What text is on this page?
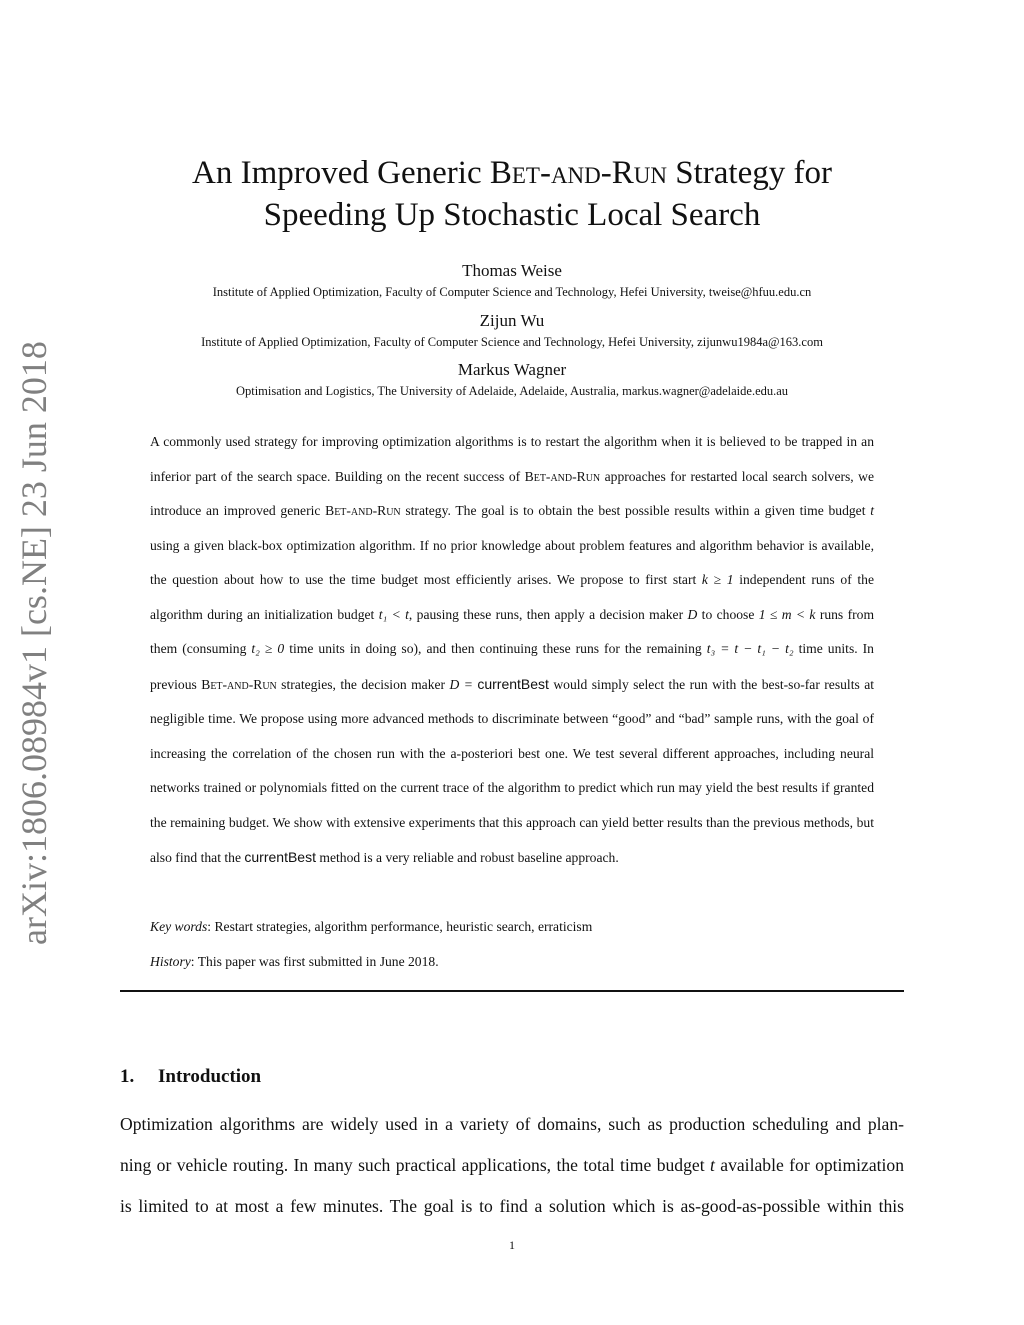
arXiv:1806.08984v1 [cs.NE] 23 Jun 2018
An Improved Generic Bet-and-Run Strategy for
Speeding Up Stochastic Local Search
Thomas Weise
Institute of Applied Optimization, Faculty of Computer Science and Technology, Hefei University, tweise@hfuu.edu.cn
Zijun Wu
Institute of Applied Optimization, Faculty of Computer Science and Technology, Hefei University, zijunwu1984a@163.com
Markus Wagner
Optimisation and Logistics, The University of Adelaide, Adelaide, Australia, markus.wagner@adelaide.edu.au
A commonly used strategy for improving optimization algorithms is to restart the algorithm when it is believed to be trapped in an inferior part of the search space. Building on the recent success of Bet-and-Run approaches for restarted local search solvers, we introduce an improved generic Bet-and-Run strategy. The goal is to obtain the best possible results within a given time budget t using a given black-box optimization algorithm. If no prior knowledge about problem features and algorithm behavior is available, the question about how to use the time budget most efficiently arises. We propose to first start k ≥ 1 independent runs of the algorithm during an initialization budget t₁ < t, pausing these runs, then apply a decision maker D to choose 1 ≤ m < k runs from them (consuming t₂ ≥ 0 time units in doing so), and then continuing these runs for the remaining t₃ = t − t₁ − t₂ time units. In previous Bet-and-Run strategies, the decision maker D = currentBest would simply select the run with the best-so-far results at negligible time. We propose using more advanced methods to discriminate between “good” and “bad” sample runs, with the goal of increasing the correlation of the chosen run with the a-posteriori best one. We test several different approaches, including neural networks trained or polynomials fitted on the current trace of the algorithm to predict which run may yield the best results if granted the remaining budget. We show with extensive experiments that this approach can yield better results than the previous methods, but also find that the currentBest method is a very reliable and robust baseline approach.
Key words: Restart strategies, algorithm performance, heuristic search, erraticism
History: This paper was first submitted in June 2018.
1. Introduction
Optimization algorithms are widely used in a variety of domains, such as production scheduling and plan-
ning or vehicle routing. In many such practical applications, the total time budget t available for optimization
is limited to at most a few minutes. The goal is to find a solution which is as-good-as-possible within this
1
